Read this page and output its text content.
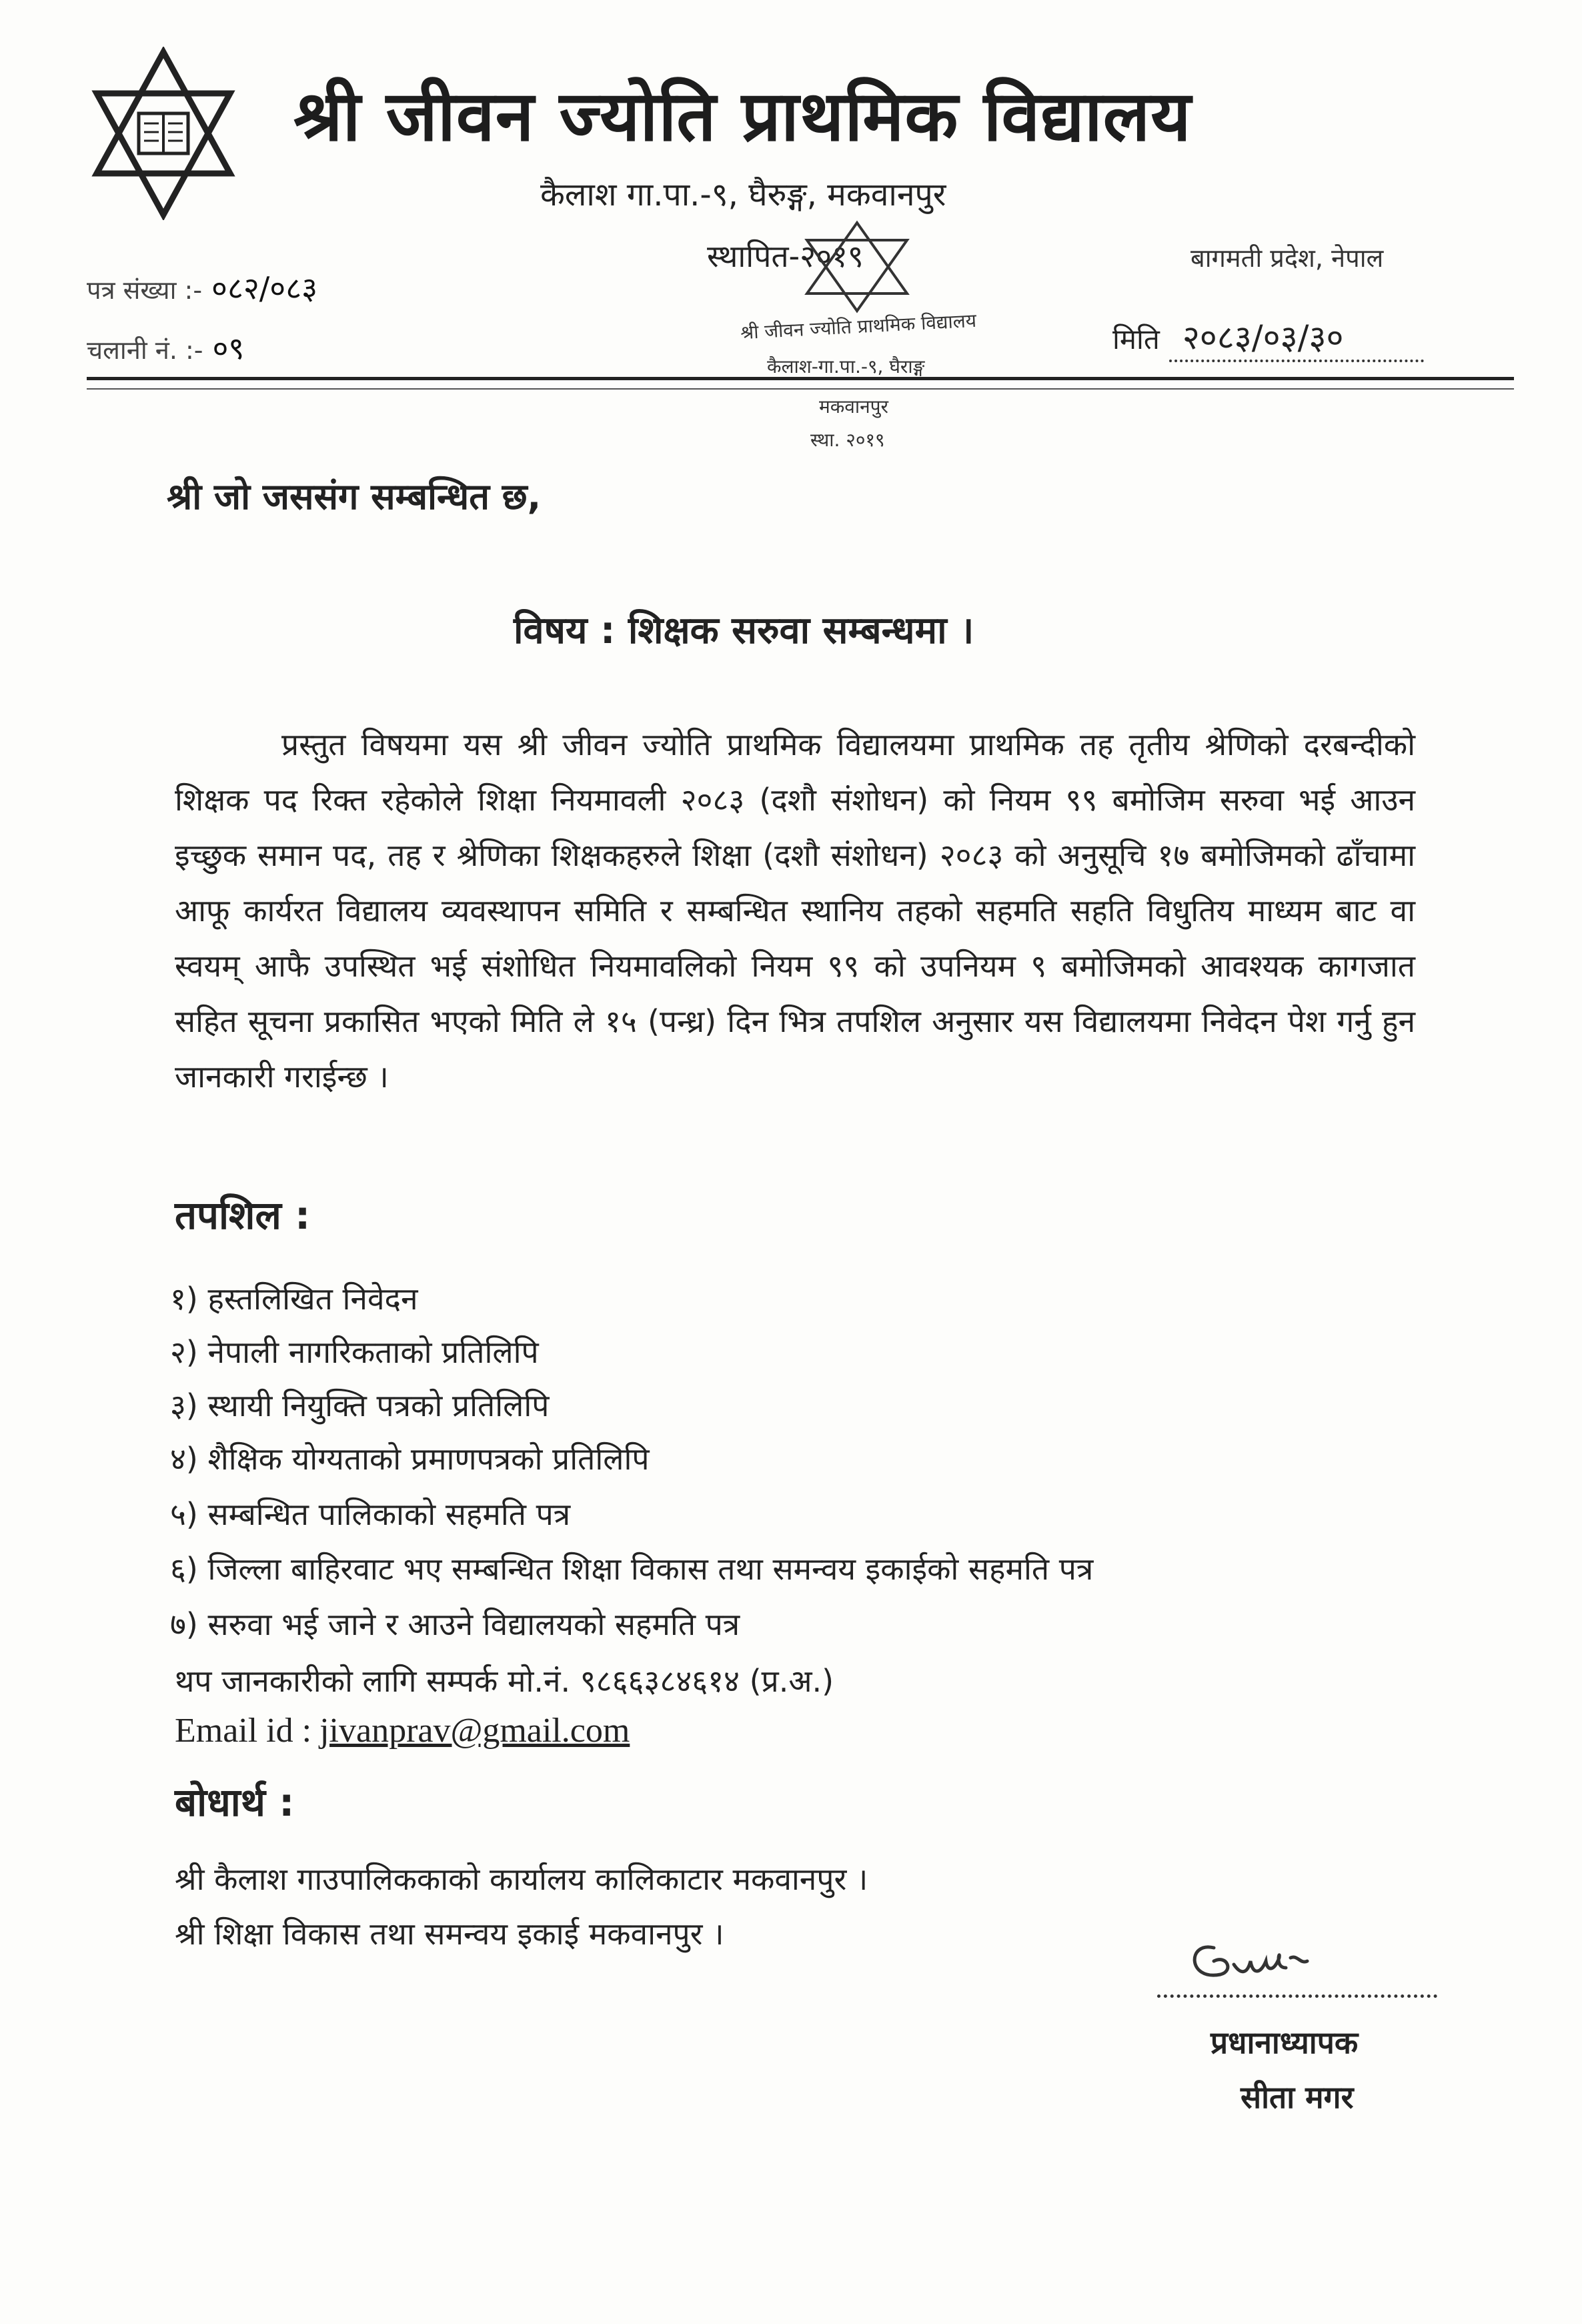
श्री जीवन ज्योति प्राथमिक विद्यालय
कैलाश गा.पा.-९, घैरुङ्ग, मकवानपुर
स्थापित-२०१९	बागमती प्रदेश, नेपाल
पत्र संख्या :- ०८२/०८३
चलानी नं. :- ०९	मिति २०८३/०३/३०
श्री जीवन ज्योति प्राथमिक विद्यालय
कैलाश-गा.पा.-९, घैराङ्ग
मकवानपुर
स्था. २०१९
श्री जो जससंग सम्बन्धित छ,
विषय : शिक्षक सरुवा सम्बन्धमा ।
प्रस्तुत विषयमा यस श्री जीवन ज्योति प्राथमिक विद्यालयमा प्राथमिक तह तृतीय श्रेणिको दरबन्दीको शिक्षक पद रिक्त रहेकोले शिक्षा नियमावली २०८३ (दशौ संशोधन) को नियम ९९ बमोजिम सरुवा भई आउन इच्छुक समान पद, तह र श्रेणिका शिक्षकहरुले शिक्षा (दशौ संशोधन) २०८३ को अनुसूचि १७ बमोजिमको ढाँचामा आफू कार्यरत विद्यालय व्यवस्थापन समिति र सम्बन्धित स्थानिय तहको सहमति सहति विधुतिय माध्यम बाट वा स्वयम् आफै उपस्थित भई संशोधित नियमावलिको नियम ९९ को उपनियम ९ बमोजिमको आवश्यक कागजात सहित सूचना प्रकासित भएको मिति ले १५ (पन्ध्र) दिन भित्र तपशिल अनुसार यस विद्यालयमा निवेदन पेश गर्नु हुन जानकारी गराईन्छ ।
तपशिल :
१) हस्तलिखित निवेदन
२) नेपाली नागरिकताको प्रतिलिपि
३) स्थायी नियुक्ति पत्रको प्रतिलिपि
४) शैक्षिक योग्यताको प्रमाणपत्रको प्रतिलिपि
५) सम्बन्धित पालिकाको सहमति पत्र
६) जिल्ला बाहिरवाट भए सम्बन्धित शिक्षा विकास तथा समन्वय इकाईको सहमति पत्र
७) सरुवा भई जाने र आउने विद्यालयको सहमति पत्र
थप जानकारीको लागि सम्पर्क मो.नं. ९८६६३८४६१४ (प्र.अ.)
Email id : jivanprav@gmail.com
बोधार्थ :
श्री कैलाश गाउपालिककाको कार्यालय कालिकाटार मकवानपुर ।
श्री शिक्षा विकास तथा समन्वय इकाई मकवानपुर ।
प्रधानाध्यापक
सीता मगर
